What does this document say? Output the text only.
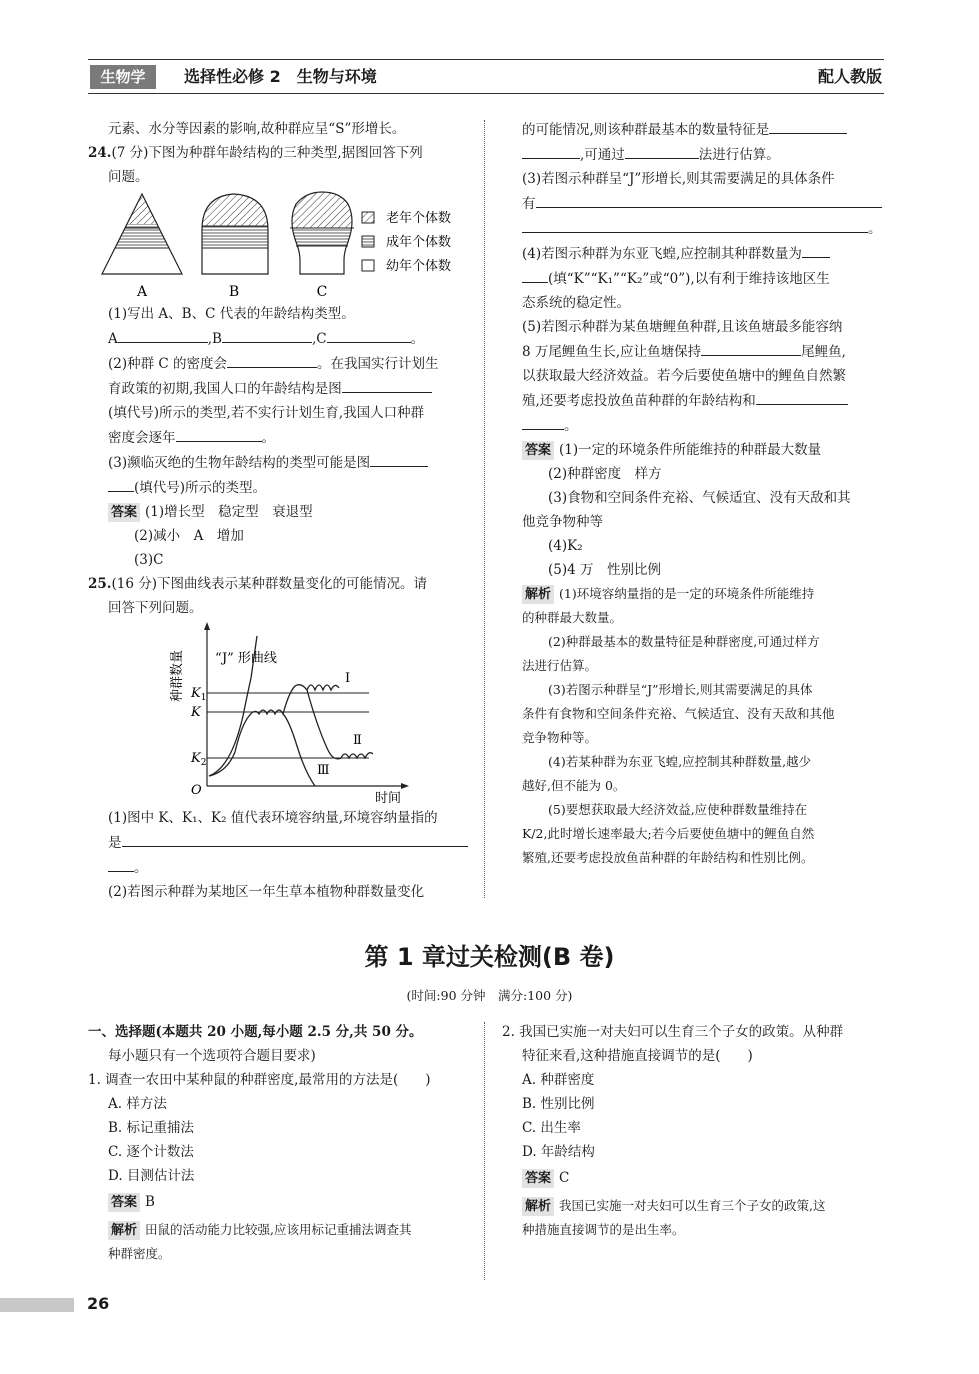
生物学	选择性必修 2　生物与环境	配人教版

元素、水分等因素的影响,故种群应呈“S”形增长。

24.(7 分)下图为种群年龄结构的三种类型,据图回答下列

问题。

A	B	C
老年个体数
成年个体数
幼年个体数

(1)写出 A、B、C 代表的年龄结构类型。

A	,B	,C	。

(2)种群 C 的密度会	。在我国实行计划生

育政策的初期,我国人口的年龄结构是图

(填代号)所示的类型,若不实行计划生育,我国人口种群

密度会逐年	。

(3)濒临灭绝的生物年龄结构的类型可能是图

(填代号)所示的类型。

答案 (1)增长型　稳定型　衰退型

(2)减小　A　增加

(3)C

25.(16 分)下图曲线表示某种群数量变化的可能情况。请

回答下列问题。

种群数量 “J” 形曲线
$K_1$
K
$K_2$
O
Ⅰ
Ⅱ
Ⅲ
时间

(1)图中 K、K₁、K₂ 值代表环境容纳量,环境容纳量指的

是

。

(2)若图示种群为某地区一年生草本植物种群数量变化

的可能情况,则该种群最基本的数量特征是

,可通过	法进行估算。

(3)若图示种群呈“J”形增长,则其需要满足的具体条件

有

。

(4)若图示种群为东亚飞蝗,应控制其种群数量为

(填“K”“K₁”“K₂”或“0”),以有利于维持该地区生

态系统的稳定性。

(5)若图示种群为某鱼塘鲤鱼种群,且该鱼塘最多能容纳

8 万尾鲤鱼生长,应让鱼塘保持	尾鲤鱼,

以获取最大经济效益。若今后要使鱼塘中的鲤鱼自然繁

殖,还要考虑投放鱼苗种群的年龄结构和

。

答案 (1)一定的环境条件所能维持的种群最大数量

(2)种群密度　样方

(3)食物和空间条件充裕、气候适宜、没有天敌和其

他竞争物种等

(4)K₂

(5)4 万　性别比例

解析 (1)环境容纳量指的是一定的环境条件所能维持

的种群最大数量。

(2)种群最基本的数量特征是种群密度,可通过样方

法进行估算。

(3)若图示种群呈“J”形增长,则其需要满足的具体

条件有食物和空间条件充裕、气候适宜、没有天敌和其他

竞争物种等。

(4)若某种群为东亚飞蝗,应控制其种群数量,越少

越好,但不能为 0。

(5)要想获取最大经济效益,应使种群数量维持在

K/2,此时增长速率最大;若今后要使鱼塘中的鲤鱼自然

繁殖,还要考虑投放鱼苗种群的年龄结构和性别比例。

第 1 章过关检测(B 卷)
(时间:90 分钟　满分:100 分)

一、选择题(本题共 20 小题,每小题 2.5 分,共 50 分。

每小题只有一个选项符合题目要求)

1. 调查一农田中某种鼠的种群密度,最常用的方法是(　　)

A. 样方法

B. 标记重捕法

C. 逐个计数法

D. 目测估计法

答案 B

解析 田鼠的活动能力比较强,应该用标记重捕法调查其

种群密度。

2. 我国已实施一对夫妇可以生育三个子女的政策。从种群

特征来看,这种措施直接调节的是(　　)

A. 种群密度

B. 性别比例

C. 出生率

D. 年龄结构

答案 C

解析 我国已实施一对夫妇可以生育三个子女的政策,这

种措施直接调节的是出生率。

26
